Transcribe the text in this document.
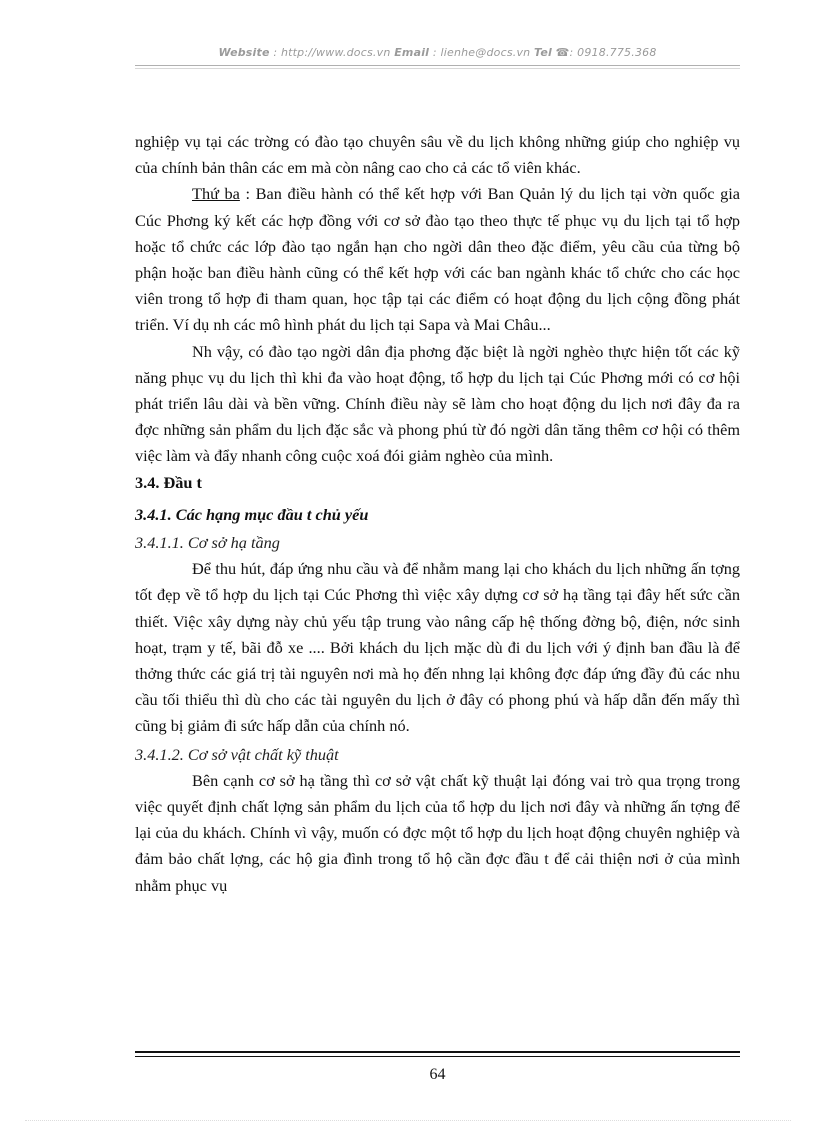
Website : http://www.docs.vn Email : lienhe@docs.vn Tel ☎: 0918.775.368

nghiệp vụ tại các trờng có đào tạo chuyên sâu về du lịch không những giúp cho nghiệp vụ của chính bản thân các em mà còn nâng cao cho cả các tổ viên khác.

Thứ ba : Ban điều hành có thể kết hợp với Ban Quản lý du lịch tại vờn quốc gia Cúc Phơng ký kết các hợp đồng với cơ sở đào tạo theo thực tế phục vụ du lịch tại tổ hợp hoặc tổ chức các lớp đào tạo ngắn hạn cho ngời dân theo đặc điểm, yêu cầu của từng bộ phận hoặc ban điều hành cũng có thể kết hợp với các ban ngành khác tổ chức cho các học viên trong tổ hợp đi tham quan, học tập tại các điểm có hoạt động du lịch cộng đồng phát triển. Ví dụ nh các mô hình phát du lịch tại Sapa và Mai Châu...

Nh vậy, có đào tạo ngời dân địa phơng đặc biệt là ngời nghèo thực hiện tốt các kỹ năng phục vụ du lịch thì khi đa vào hoạt động, tổ hợp du lịch tại Cúc Phơng mới có cơ hội phát triển lâu dài và bền vững. Chính điều này sẽ làm cho hoạt động du lịch nơi đây đa ra đợc những sản phẩm du lịch đặc sắc và phong phú từ đó ngời dân tăng thêm cơ hội có thêm việc làm và đẩy nhanh công cuộc xoá đói giảm nghèo của mình.

3.4. Đầu t
3.4.1. Các hạng mục đầu t chủ yếu
3.4.1.1. Cơ sở hạ tầng

Để thu hút, đáp ứng nhu cầu và để nhằm mang lại cho khách du lịch những ấn tợng tốt đẹp về tổ hợp du lịch tại Cúc Phơng thì việc xây dựng cơ sở hạ tầng tại đây hết sức cần thiết. Việc xây dựng này chủ yếu tập trung vào nâng cấp hệ thống đờng bộ, điện, nớc sinh hoạt, trạm y tế, bãi đỗ xe .... Bởi khách du lịch mặc dù đi du lịch với ý định ban đầu là để thởng thức các giá trị tài nguyên nơi mà họ đến nhng lại không đợc đáp ứng đầy đủ các nhu cầu tối thiểu thì dù cho các tài nguyên du lịch ở đây có phong phú và hấp dẫn đến mấy thì cũng bị giảm đi sức hấp dẫn của chính nó.

3.4.1.2. Cơ sở vật chất kỹ thuật

Bên cạnh cơ sở hạ tầng thì cơ sở vật chất kỹ thuật lại đóng vai trò qua trọng trong việc quyết định chất lợng sản phẩm du lịch của tổ hợp du lịch nơi đây và những ấn tợng để lại của du khách. Chính vì vậy, muốn có đợc một tổ hợp du lịch hoạt động chuyên nghiệp và đảm bảo chất lợng, các hộ gia đình trong tổ hộ cần đợc đầu t để cải thiện nơi ở của mình nhằm phục vụ

64
